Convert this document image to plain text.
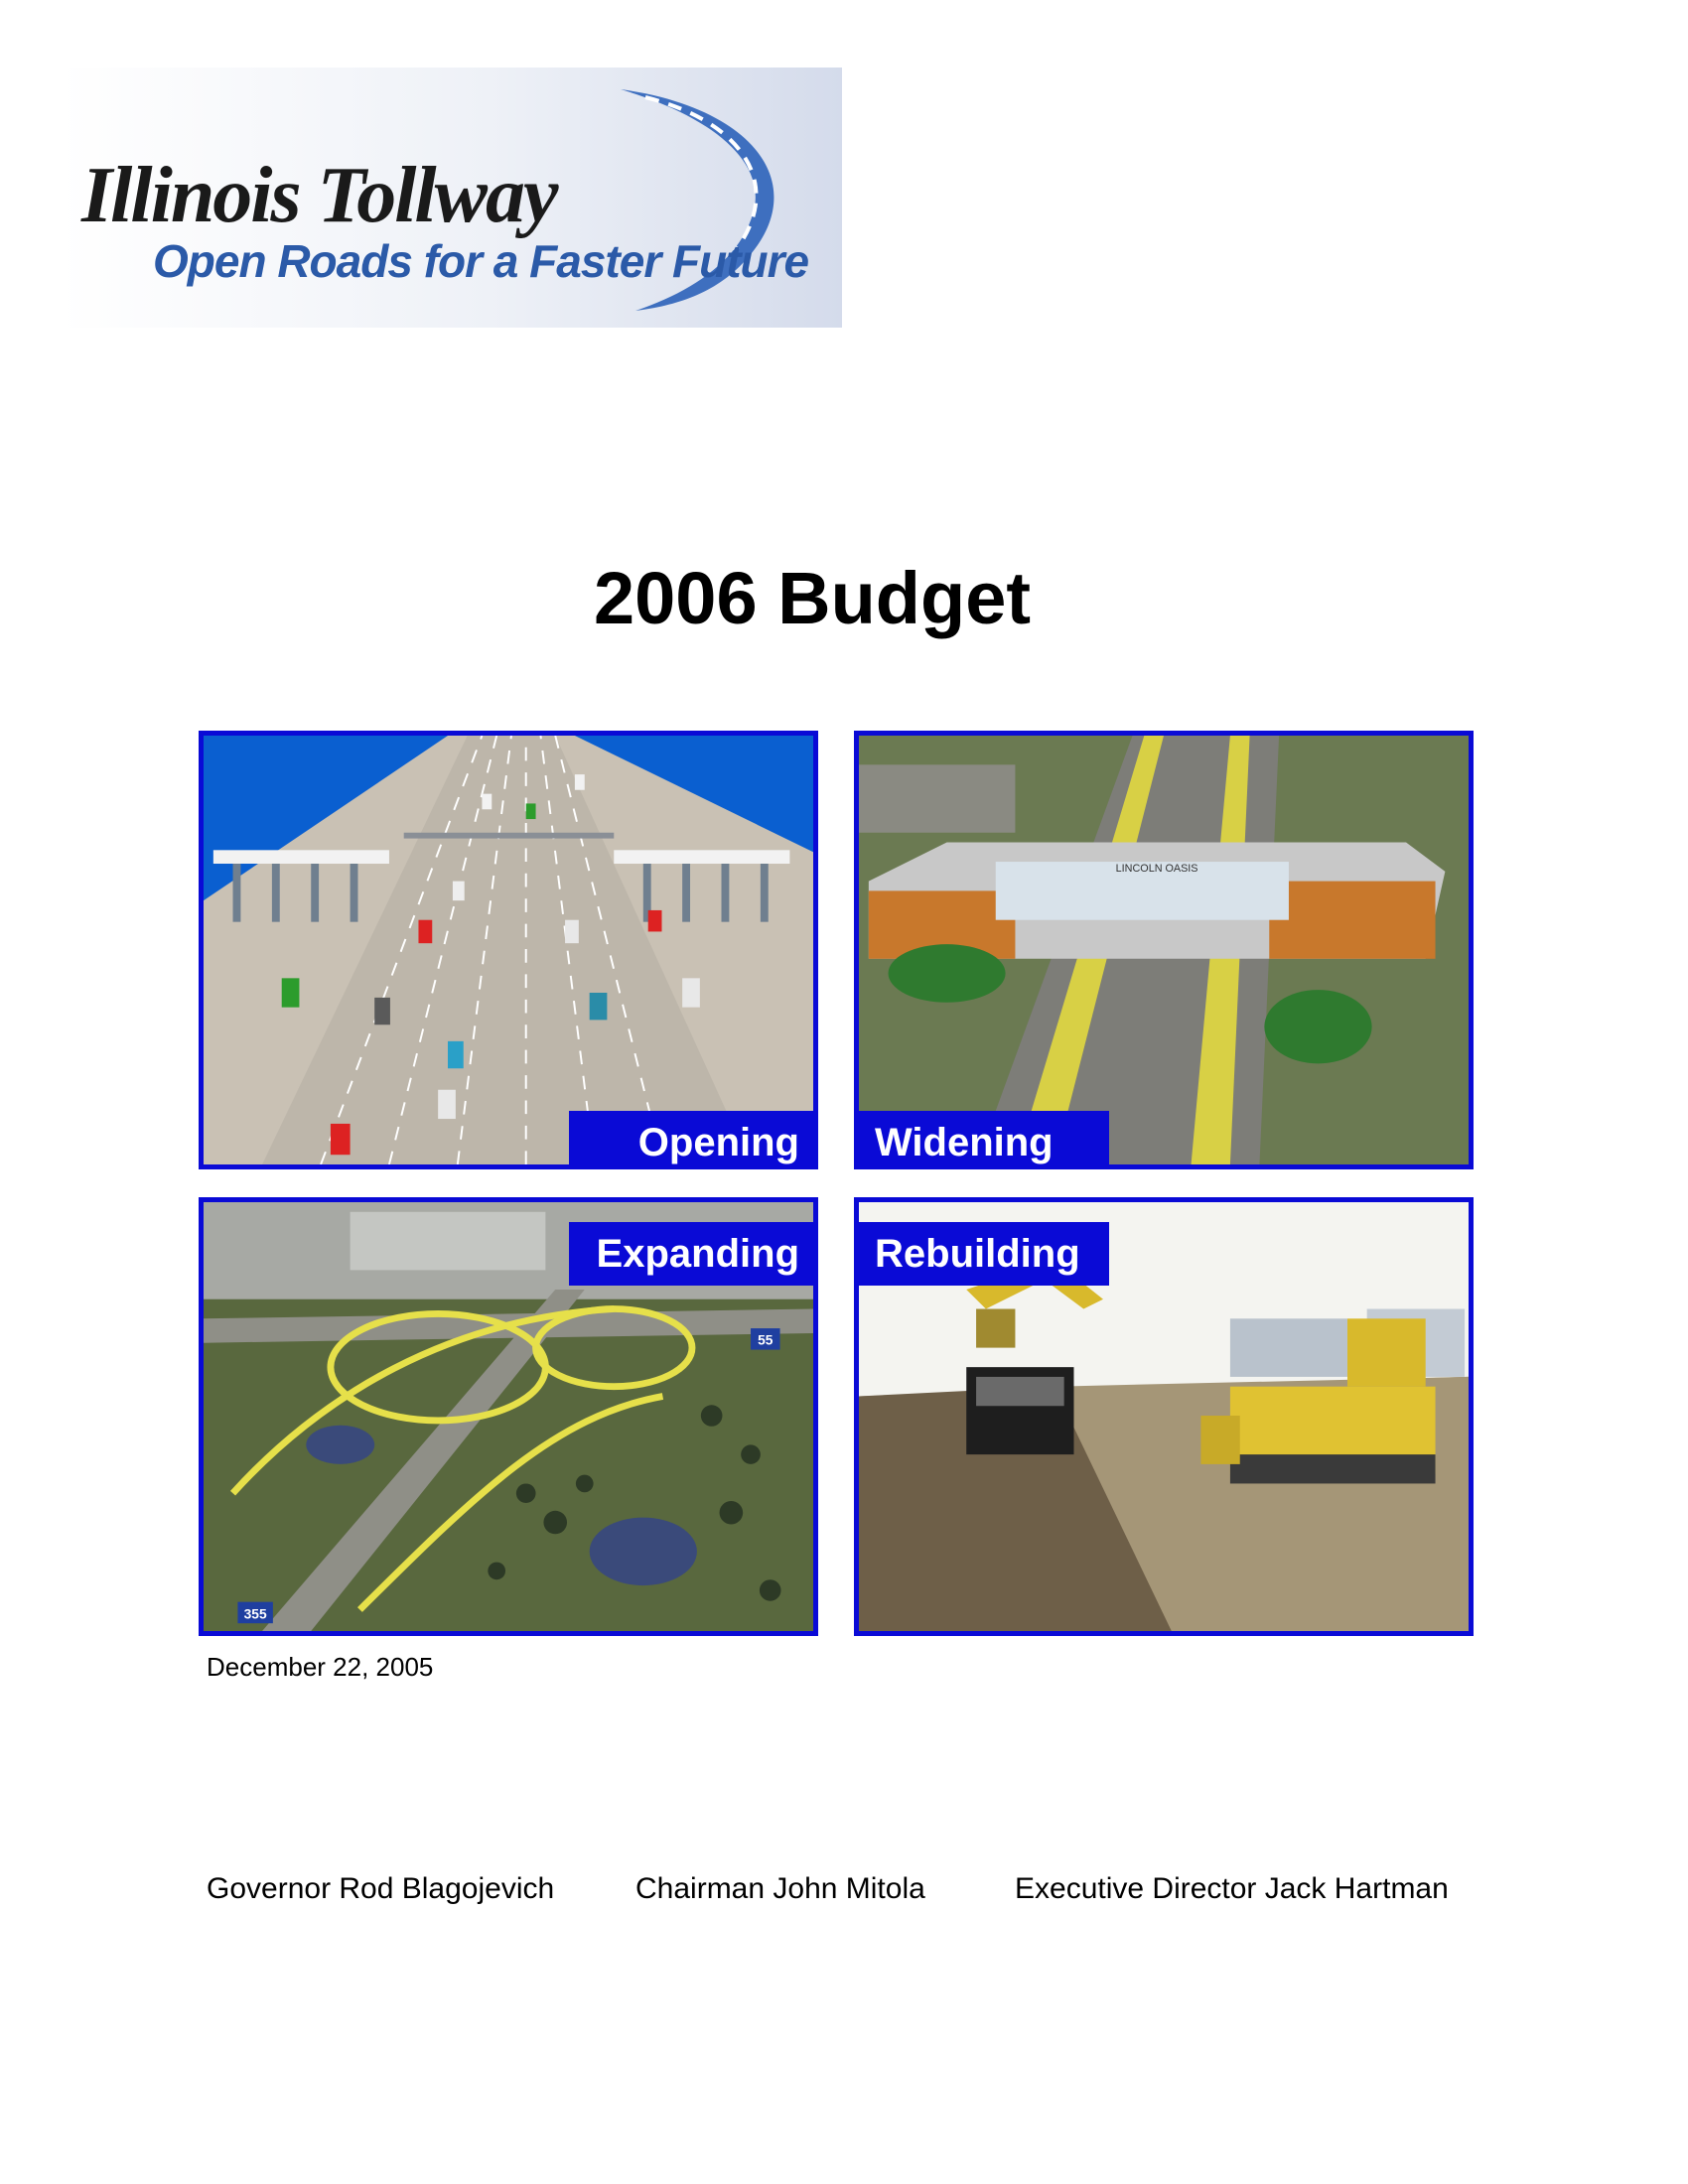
Illinois Tollway
Open Roads for a Faster Future
2006 Budget
Opening
LINCOLN OASIS
Widening
55
355
Expanding	Rebuilding
December 22, 2005
Governor Rod Blagojevich	Chairman John Mitola	Executive Director Jack Hartman
